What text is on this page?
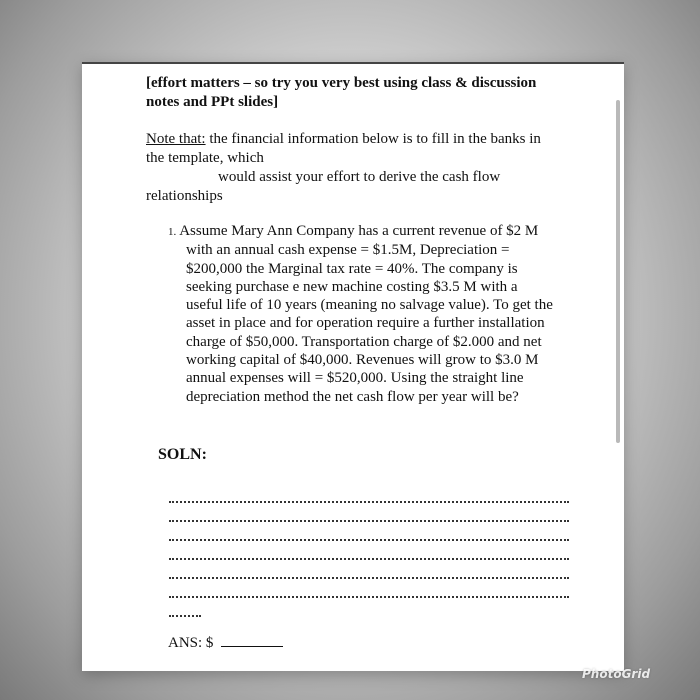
[effort matters – so try you very best using class & discussion
notes and PPt slides]
Note that: the financial information below is to fill in the banks in
the template, which
would assist your effort to derive the cash flow
relationships
1. Assume Mary Ann Company has a current revenue of $2 M
with an annual cash expense = $1.5M, Depreciation =
$200,000 the Marginal tax rate = 40%. The company is
seeking purchase e new machine costing $3.5 M with a
useful life of 10 years (meaning no salvage value). To get the
asset in place and for operation require a further installation
charge of $50,000. Transportation charge of $2.000 and net
working capital of $40,000. Revenues will grow to $3.0 M
annual expenses will = $520,000. Using the straight line
depreciation method the net cash flow per year will be?
SOLN:
ANS: $
PhotoGrid
